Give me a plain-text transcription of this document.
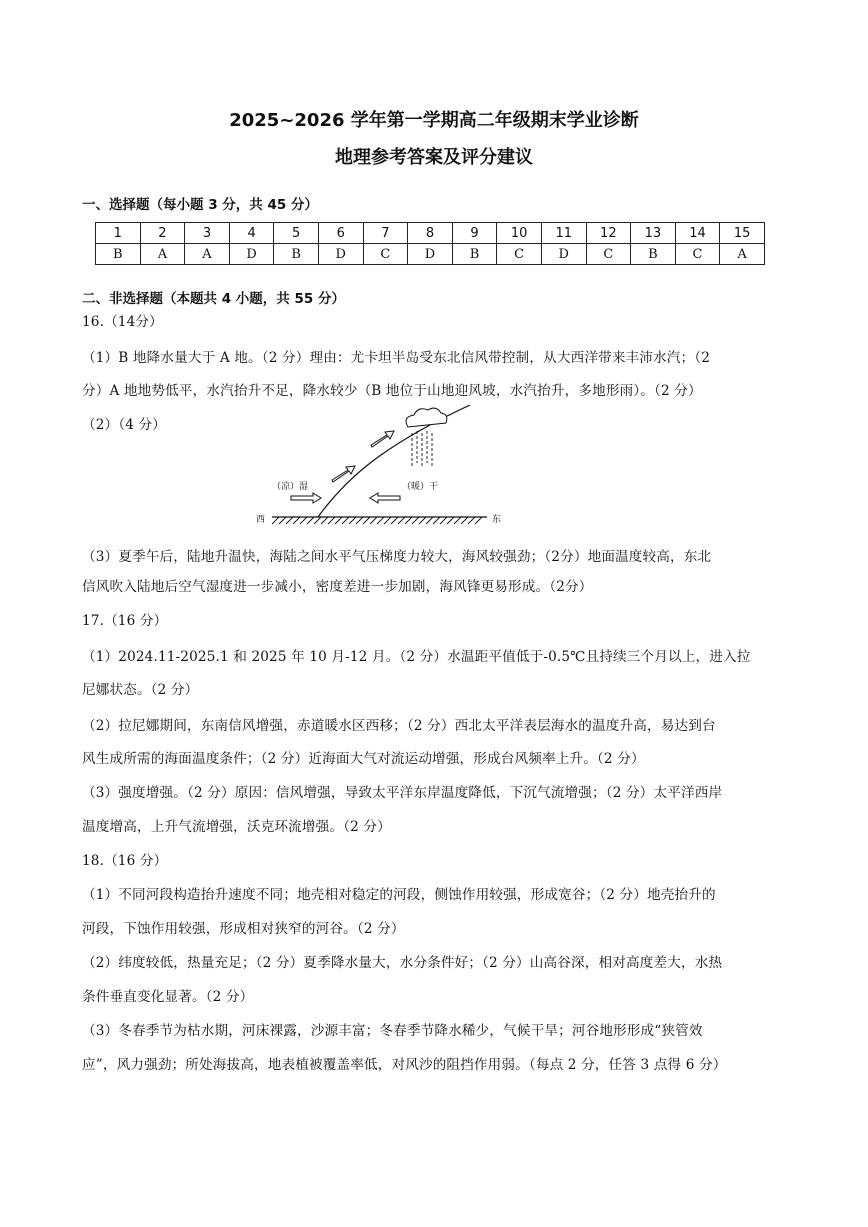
2025~2026 学年第一学期高二年级期末学业诊断
地理参考答案及评分建议
一、选择题（每小题 3 分，共 45 分）
1	2	3	4	5	6	7	8	9	10	11	12	13	14	15
B	A	A	D	B	D	C	D	B	C	D	C	B	C	A
二、非选择题（本题共 4 小题，共 55 分）
16.（14分）
（1）B 地降水量大于 A 地。（2 分）理由：尤卡坦半岛受东北信风带控制，从大西洋带来丰沛水汽；（2
分）A 地地势低平，水汽抬升不足，降水较少（B 地位于山地迎风坡，水汽抬升，多地形雨）。（2 分）
（2）（4 分）
（凉）湿	（暖）干
西	东
（3）夏季午后，陆地升温快，海陆之间水平气压梯度力较大，海风较强劲；（2分）地面温度较高，东北
信风吹入陆地后空气湿度进一步减小，密度差进一步加剧，海风锋更易形成。（2分）
17.（16 分）
（1）2024.11-2025.1 和 2025 年 10 月-12 月。（2 分）水温距平值低于-0.5℃且持续三个月以上，进入拉
尼娜状态。（2 分）
（2）拉尼娜期间，东南信风增强，赤道暖水区西移；（2 分）西北太平洋表层海水的温度升高，易达到台
风生成所需的海面温度条件；（2 分）近海面大气对流运动增强，形成台风频率上升。（2 分）
（3）强度增强。（2 分）原因：信风增强，导致太平洋东岸温度降低，下沉气流增强；（2 分）太平洋西岸
温度增高，上升气流增强，沃克环流增强。（2 分）
18.（16 分）
（1）不同河段构造抬升速度不同；地壳相对稳定的河段，侧蚀作用较强，形成宽谷；（2 分）地壳抬升的
河段，下蚀作用较强，形成相对狭窄的河谷。（2 分）
（2）纬度较低，热量充足；（2 分）夏季降水量大，水分条件好；（2 分）山高谷深，相对高度差大，水热
条件垂直变化显著。（2 分）
（3）冬春季节为枯水期，河床裸露，沙源丰富；冬春季节降水稀少，气候干旱；河谷地形形成“狭管效
应”，风力强劲；所处海拔高，地表植被覆盖率低，对风沙的阻挡作用弱。（每点 2 分，任答 3 点得 6 分）
